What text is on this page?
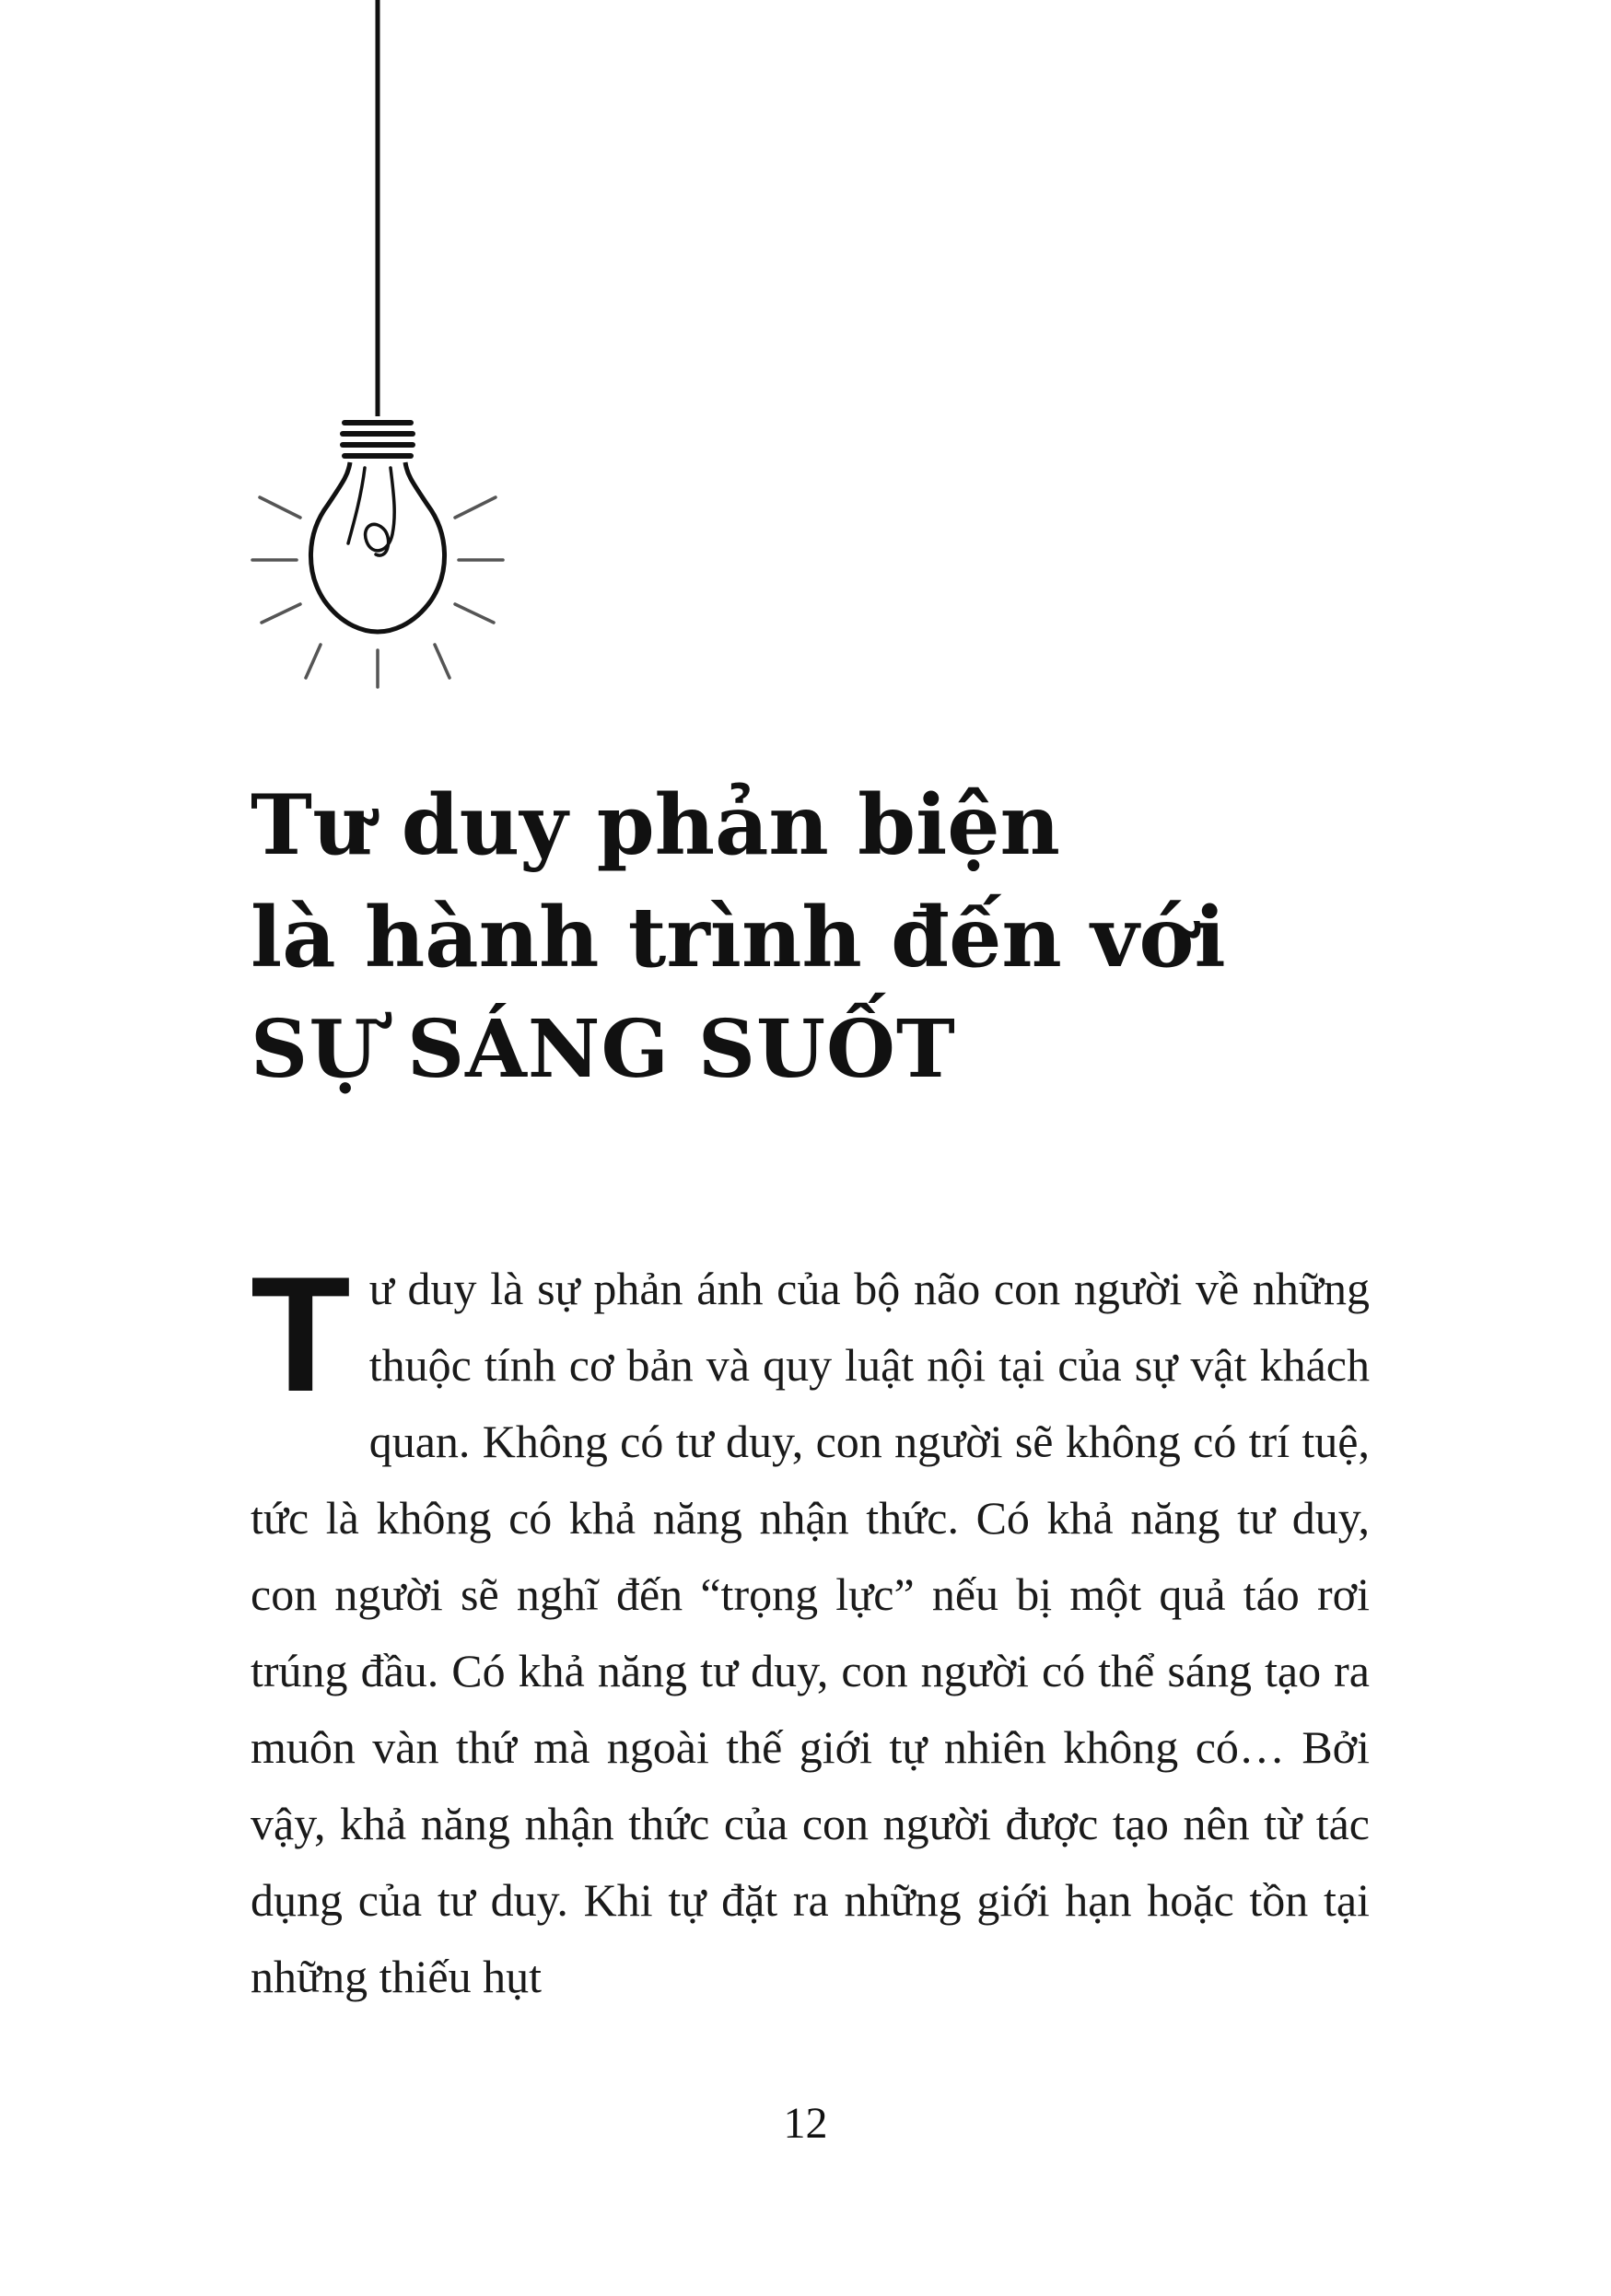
Tư duy phản biện
là hành trình đến với
SỰ SÁNG SUỐT

Tư duy là sự phản ánh của bộ não con người về những thuộc tính cơ bản và quy luật nội tại của sự vật khách quan. Không có tư duy, con người sẽ không có trí tuệ, tức là không có khả năng nhận thức. Có khả năng tư duy, con người sẽ nghĩ đến “trọng lực” nếu bị một quả táo rơi trúng đầu. Có khả năng tư duy, con người có thể sáng tạo ra muôn vàn thứ mà ngoài thế giới tự nhiên không có… Bởi vậy, khả năng nhận thức của con người được tạo nên từ tác dụng của tư duy. Khi tự đặt ra những giới hạn hoặc tồn tại những thiếu hụt

12
